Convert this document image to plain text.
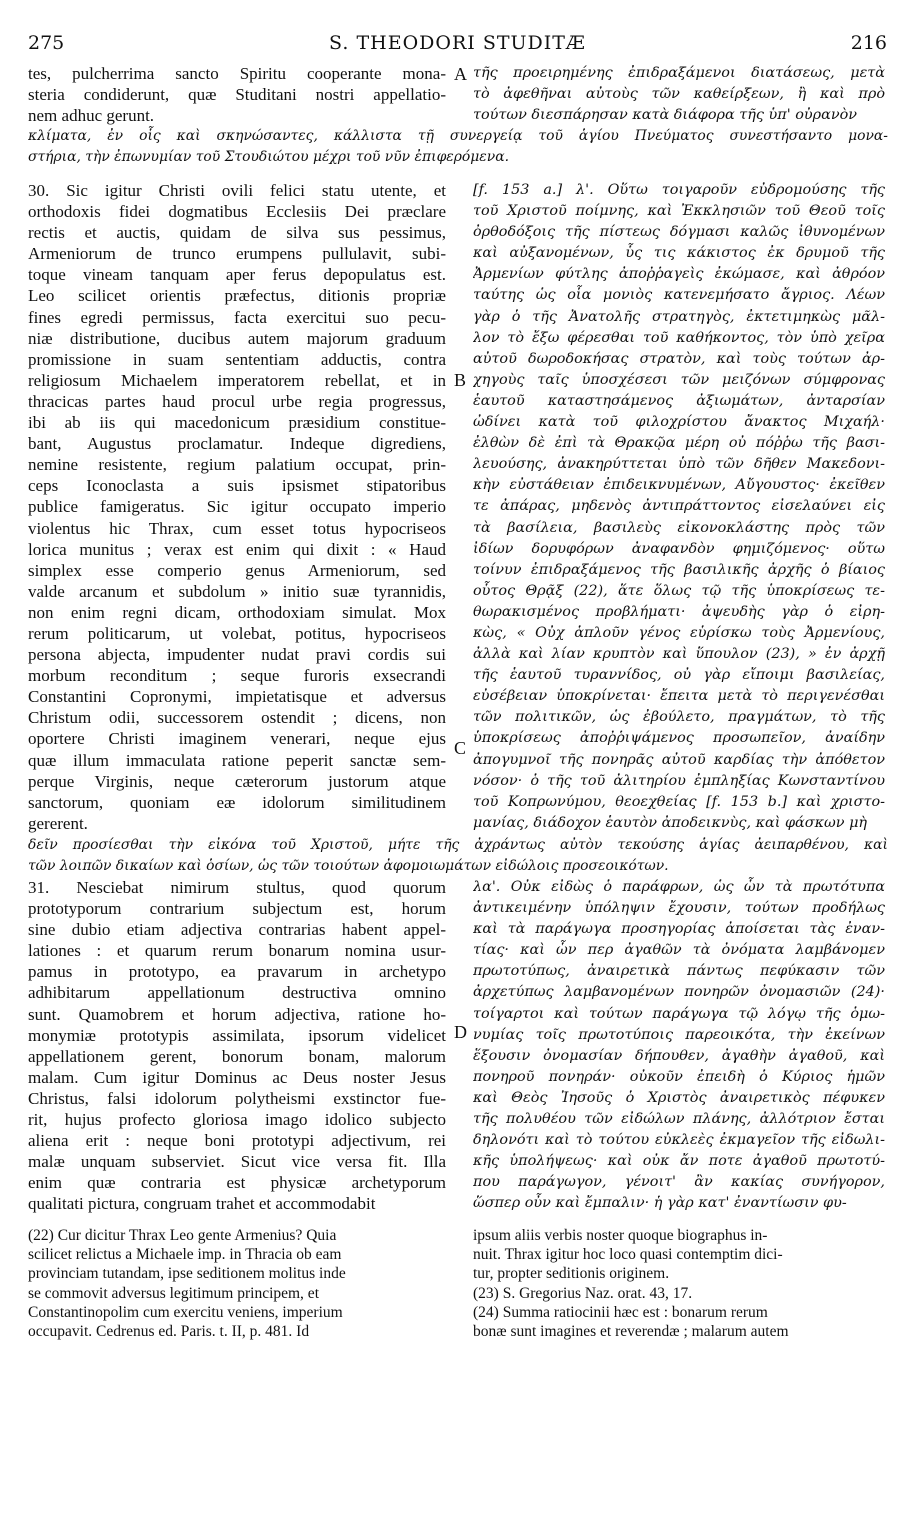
275	S. THEODORI STUDITÆ	216
tes, pulcherrima sancto Spiritu cooperante mona-
steria condiderunt, quæ Studitani nostri appellatio-
nem adhuc gerunt.
τῆς προειρημένης ἐπιδραξάμενοι διατάσεως, μετὰ
τὸ ἀφεθῆναι αὐτοὺς τῶν καθείρξεων, ἢ καὶ πρὸ
τούτων διεσπάρησαν κατὰ διάφορα τῆς ὑπ' οὐρανὸν
κλίματα, ἐν οἷς καὶ σκηνώσαντες, κάλλιστα τῇ συνεργείᾳ τοῦ ἁγίου Πνεύματος συνεστήσαντο μονα-
στήρια, τὴν ἐπωνυμίαν τοῦ Στουδιώτου μέχρι τοῦ νῦν ἐπιφερόμενα.
30. Sic igitur Christi ovili felici statu utente, et
orthodoxis fidei dogmatibus Ecclesiis Dei præclare
rectis et auctis, quidam de silva sus pessimus,
Armeniorum de trunco erumpens pullulavit, subi-
toque vineam tanquam aper ferus depopulatus est.
Leo scilicet orientis præfectus, ditionis propriæ
fines egredi permissus, facta exercitui suo pecu-
niæ distributione, ducibus autem majorum graduum
promissione in suam sententiam adductis, contra
religiosum Michaelem imperatorem rebellat, et in
thracicas partes haud procul urbe regia progressus,
ibi ab iis qui macedonicum præsidium constitue-
bant, Augustus proclamatur. Indeque digrediens,
nemine resistente, regium palatium occupat, prin-
ceps Iconoclasta a suis ipsismet stipatoribus
publice famigeratus. Sic igitur occupato imperio
violentus hic Thrax, cum esset totus hypocriseos
lorica munitus ; verax est enim qui dixit : « Haud
simplex esse comperio genus Armeniorum, sed
valde arcanum et subdolum » initio suæ tyrannidis,
non enim regni dicam, orthodoxiam simulat. Mox
rerum politicarum, ut volebat, potitus, hypocriseos
persona abjecta, impudenter nudat pravi cordis sui
morbum reconditum ; seque furoris exsecrandi
Constantini Copronymi, impietatisque et adversus
Christum odii, successorem ostendit ; dicens, non
oportere Christi imaginem venerari, neque ejus
quæ illum immaculata ratione peperit sanctæ sem-
perque Virginis, neque cæterorum justorum atque
sanctorum, quoniam eæ idolorum similitudinem
gererent.
[f. 153 a.] λ'. Οὕτω τοιγαροῦν εὐδρομούσης τῆς
τοῦ Χριστοῦ ποίμνης, καὶ Ἐκκλησιῶν τοῦ Θεοῦ τοῖς
ὀρθοδόξοις τῆς πίστεως δόγμασι καλῶς ἰθυνομένων
καὶ αὐξανομένων, ὗς τις κάκιστος ἐκ δρυμοῦ τῆς
Ἀρμενίων φύτλης ἀποῤῥαγεὶς ἐκώμασε, καὶ ἀθρόον
ταύτης ὡς οἷα μονιὸς κατενεμήσατο ἄγριος. Λέων
γὰρ ὁ τῆς Ἀνατολῆς στρατηγὸς, ἐκτετιμηκὼς μᾶλ-
λον τὸ ἔξω φέρεσθαι τοῦ καθήκοντος, τὸν ὑπὸ χεῖρα
αὐτοῦ δωροδοκήσας στρατὸν, καὶ τοὺς τούτων ἀρ-
χηγοὺς ταῖς ὑποσχέσεσι τῶν μειζόνων σύμφρονας
ἑαυτοῦ καταστησάμενος ἀξιωμάτων, ἀνταρσίαν
ὠδίνει κατὰ τοῦ φιλοχρίστου ἄνακτος Μιχαήλ·
ἐλθὼν δὲ ἐπὶ τὰ Θρακῷα μέρη οὐ πόῤῥω τῆς βασι-
λευούσης, ἀνακηρύττεται ὑπὸ τῶν δῆθεν Μακεδονι-
κὴν εὐστάθειαν ἐπιδεικνυμένων, Αὔγουστος· ἐκεῖθεν
τε ἀπάρας, μηδενὸς ἀντιπράττοντος εἰσελαύνει εἰς
τὰ βασίλεια, βασιλεὺς εἰκονοκλάστης πρὸς τῶν
ἰδίων δορυφόρων ἀναφανδὸν φημιζόμενος· οὕτω
τοίνυν ἐπιδραξάμενος τῆς βασιλικῆς ἀρχῆς ὁ βίαιος
οὗτος Θρᾷξ (22), ἅτε ὅλως τῷ τῆς ὑποκρίσεως τε-
θωρακισμένος προβλήματι· ἀψευδὴς γὰρ ὁ εἰρη-
κὼς, « Οὐχ ἁπλοῦν γένος εὑρίσκω τοὺς Ἀρμενίους,
ἀλλὰ καὶ λίαν κρυπτὸν καὶ ὕπουλον (23), » ἐν ἀρχῇ
τῆς ἑαυτοῦ τυραννίδος, οὐ γὰρ εἴποιμι βασιλείας,
εὐσέβειαν ὑποκρίνεται· ἔπειτα μετὰ τὸ περιγενέσθαι
τῶν πολιτικῶν, ὡς ἐβούλετο, πραγμάτων, τὸ τῆς
ὑποκρίσεως ἀποῤῥιψάμενος προσωπεῖον, ἀναίδην
ἀπογυμνοῖ τῆς πονηρᾶς αὐτοῦ καρδίας τὴν ἀπόθετον
νόσον· ὁ τῆς τοῦ ἀλιτηρίου ἐμπληξίας Κωνσταντίνου
τοῦ Κοπρωνύμου, θεοεχθείας [f. 153 b.] καὶ χριστο-
μανίας, διάδοχον ἑαυτὸν ἀποδεικνὺς, καὶ φάσκων μὴ
δεῖν προσίεσθαι τὴν εἰκόνα τοῦ Χριστοῦ, μήτε τῆς ἀχράντως αὐτὸν τεκούσης ἁγίας ἀειπαρθένου, καὶ
τῶν λοιπῶν δικαίων καὶ ὁσίων, ὡς τῶν τοιούτων ἀφομοιωμάτων εἰδώλοις προσεοικότων.
31. Nesciebat nimirum stultus, quod quorum
prototyporum contrarium subjectum est, horum
sine dubio etiam adjectiva contrarias habent appel-
lationes : et quarum rerum bonarum nomina usur-
pamus in prototypo, ea pravarum in archetypo
adhibitarum appellationum destructiva omnino
sunt. Quamobrem et horum adjectiva, ratione ho-
monymiæ prototypis assimilata, ipsorum videlicet
appellationem gerent, bonorum bonam, malorum
malam. Cum igitur Dominus ac Deus noster Jesus
Christus, falsi idolorum polytheismi exstinctor fue-
rit, hujus profecto gloriosa imago idolico subjecto
aliena erit : neque boni prototypi adjectivum, rei
malæ unquam subserviet. Sicut vice versa fit. Illa
enim quæ contraria est physicæ archetyporum
qualitati pictura, congruam trahet et accommodabit
λα'. Οὐκ εἰδὼς ὁ παράφρων, ὡς ὧν τὰ πρωτότυπα
ἀντικειμένην ὑπόληψιν ἔχουσιν, τούτων προδήλως
καὶ τὰ παράγωγα προσηγορίας ἀποίσεται τὰς ἐναν-
τίας· καὶ ὧν περ ἀγαθῶν τὰ ὀνόματα λαμβάνομεν
πρωτοτύπως, ἀναιρετικὰ πάντως πεφύκασιν τῶν
ἀρχετύπως λαμβανομένων πονηρῶν ὀνομασιῶν (24)·
τοίγαρτοι καὶ τούτων παράγωγα τῷ λόγῳ τῆς ὁμω-
νυμίας τοῖς πρωτοτύποις παρεοικότα, τὴν ἐκείνων
ἕξουσιν ὀνομασίαν δήπουθεν, ἀγαθὴν ἀγαθοῦ, καὶ
πονηροῦ πονηράν· οὐκοῦν ἐπειδὴ ὁ Κύριος ἡμῶν
καὶ Θεὸς Ἰησοῦς ὁ Χριστὸς ἀναιρετικὸς πέφυκεν
τῆς πολυθέου τῶν εἰδώλων πλάνης, ἀλλότριον ἔσται
δηλονότι καὶ τὸ τούτου εὐκλεὲς ἐκμαγεῖον τῆς εἰδωλι-
κῆς ὑπολήψεως· καὶ οὐκ ἄν ποτε ἀγαθοῦ πρωτοτύ-
που παράγωγον, γένοιτ' ἂν κακίας συνήγορον,
ὥσπερ οὖν καὶ ἔμπαλιν· ἡ γὰρ κατ' ἐναντίωσιν φυ-
(22) Cur dicitur Thrax Leo gente Armenius? Quia
scilicet relictus a Michaele imp. in Thracia ob eam
provinciam tutandam, ipse seditionem molitus inde
se commovit adversus legitimum principem, et
Constantinopolim cum exercitu veniens, imperium
occupavit. Cedrenus ed. Paris. t. II, p. 481. Id
ipsum aliis verbis noster quoque biographus in-
nuit. Thrax igitur hoc loco quasi contemptim dici-
tur, propter seditionis originem.
(23) S. Gregorius Naz. orat. 43, 17.
(24) Summa ratiocinii hæc est : bonarum rerum
bonæ sunt imagines et reverendæ ; malarum autem
A
B
C
D
